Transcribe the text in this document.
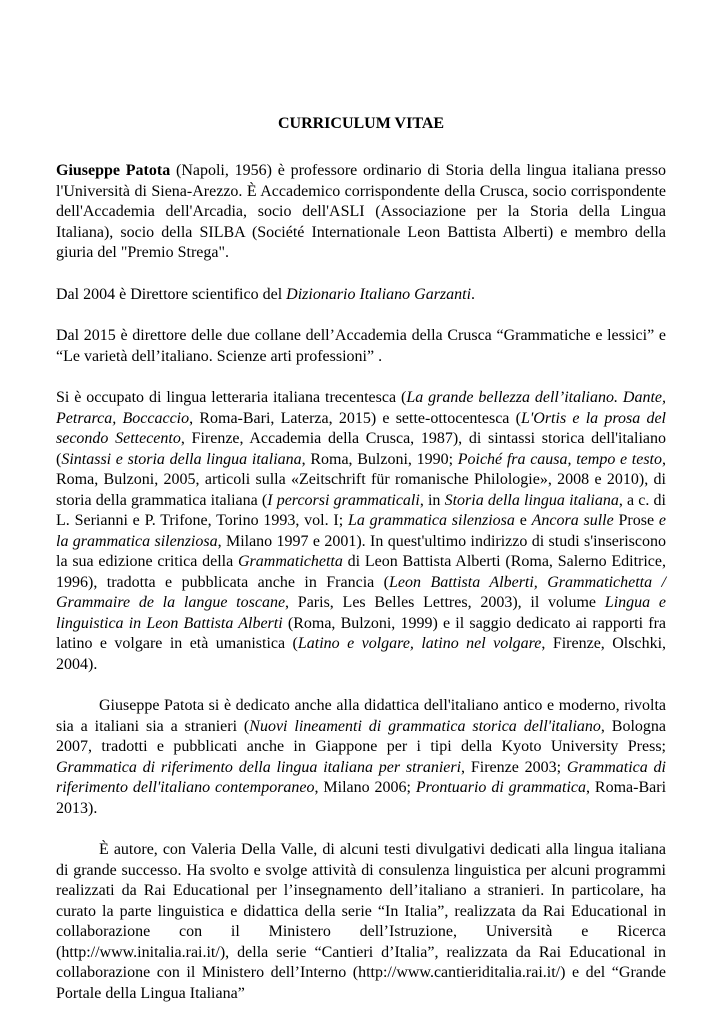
CURRICULUM VITAE

Giuseppe Patota (Napoli, 1956) è professore ordinario di Storia della lingua italiana presso l'Università di Siena-Arezzo. È Accademico corrispondente della Crusca, socio corrispondente dell'Accademia dell'Arcadia, socio dell'ASLI (Associazione per la Storia della Lingua Italiana), socio della SILBA (Société Internationale Leon Battista Alberti) e membro della giuria del "Premio Strega".

Dal 2004 è Direttore scientifico del Dizionario Italiano Garzanti.

Dal 2015 è direttore delle due collane dell’Accademia della Crusca “Grammatiche e lessici” e “Le varietà dell’italiano. Scienze arti professioni” .

Si è occupato di lingua letteraria italiana trecentesca (La grande bellezza dell’italiano. Dante, Petrarca, Boccaccio, Roma-Bari, Laterza, 2015) e sette-ottocentesca (L'Ortis e la prosa del secondo Settecento, Firenze, Accademia della Crusca, 1987), di sintassi storica dell'italiano (Sintassi e storia della lingua italiana, Roma, Bulzoni, 1990; Poiché fra causa, tempo e testo, Roma, Bulzoni, 2005, articoli sulla «Zeitschrift für romanische Philologie», 2008 e 2010), di storia della grammatica italiana (I percorsi grammaticali, in Storia della lingua italiana, a c. di L. Serianni e P. Trifone, Torino 1993, vol. I; La grammatica silenziosa e Ancora sulle Prose e la grammatica silenziosa, Milano 1997 e 2001). In quest'ultimo indirizzo di studi s'inseriscono la sua edizione critica della Grammatichetta di Leon Battista Alberti (Roma, Salerno Editrice, 1996), tradotta e pubblicata anche in Francia (Leon Battista Alberti, Grammatichetta / Grammaire de la langue toscane, Paris, Les Belles Lettres, 2003), il volume Lingua e linguistica in Leon Battista Alberti (Roma, Bulzoni, 1999) e il saggio dedicato ai rapporti fra latino e volgare in età umanistica (Latino e volgare, latino nel volgare, Firenze, Olschki, 2004).

Giuseppe Patota si è dedicato anche alla didattica dell'italiano antico e moderno, rivolta sia a italiani sia a stranieri (Nuovi lineamenti di grammatica storica dell'italiano, Bologna 2007, tradotti e pubblicati anche in Giappone per i tipi della Kyoto University Press; Grammatica di riferimento della lingua italiana per stranieri, Firenze 2003; Grammatica di riferimento dell'italiano contemporaneo, Milano 2006; Prontuario di grammatica, Roma-Bari 2013).

È autore, con Valeria Della Valle, di alcuni testi divulgativi dedicati alla lingua italiana di grande successo. Ha svolto e svolge attività di consulenza linguistica per alcuni programmi realizzati da Rai Educational per l’insegnamento dell’italiano a stranieri. In particolare, ha curato la parte linguistica e didattica della serie “In Italia”, realizzata da Rai Educational in collaborazione con il Ministero dell’Istruzione, Università e Ricerca (http://www.initalia.rai.it/), della serie “Cantieri d’Italia”, realizzata da Rai Educational in collaborazione con il Ministero dell’Interno (http://www.cantieriditalia.rai.it/) e del “Grande Portale della Lingua Italiana”
